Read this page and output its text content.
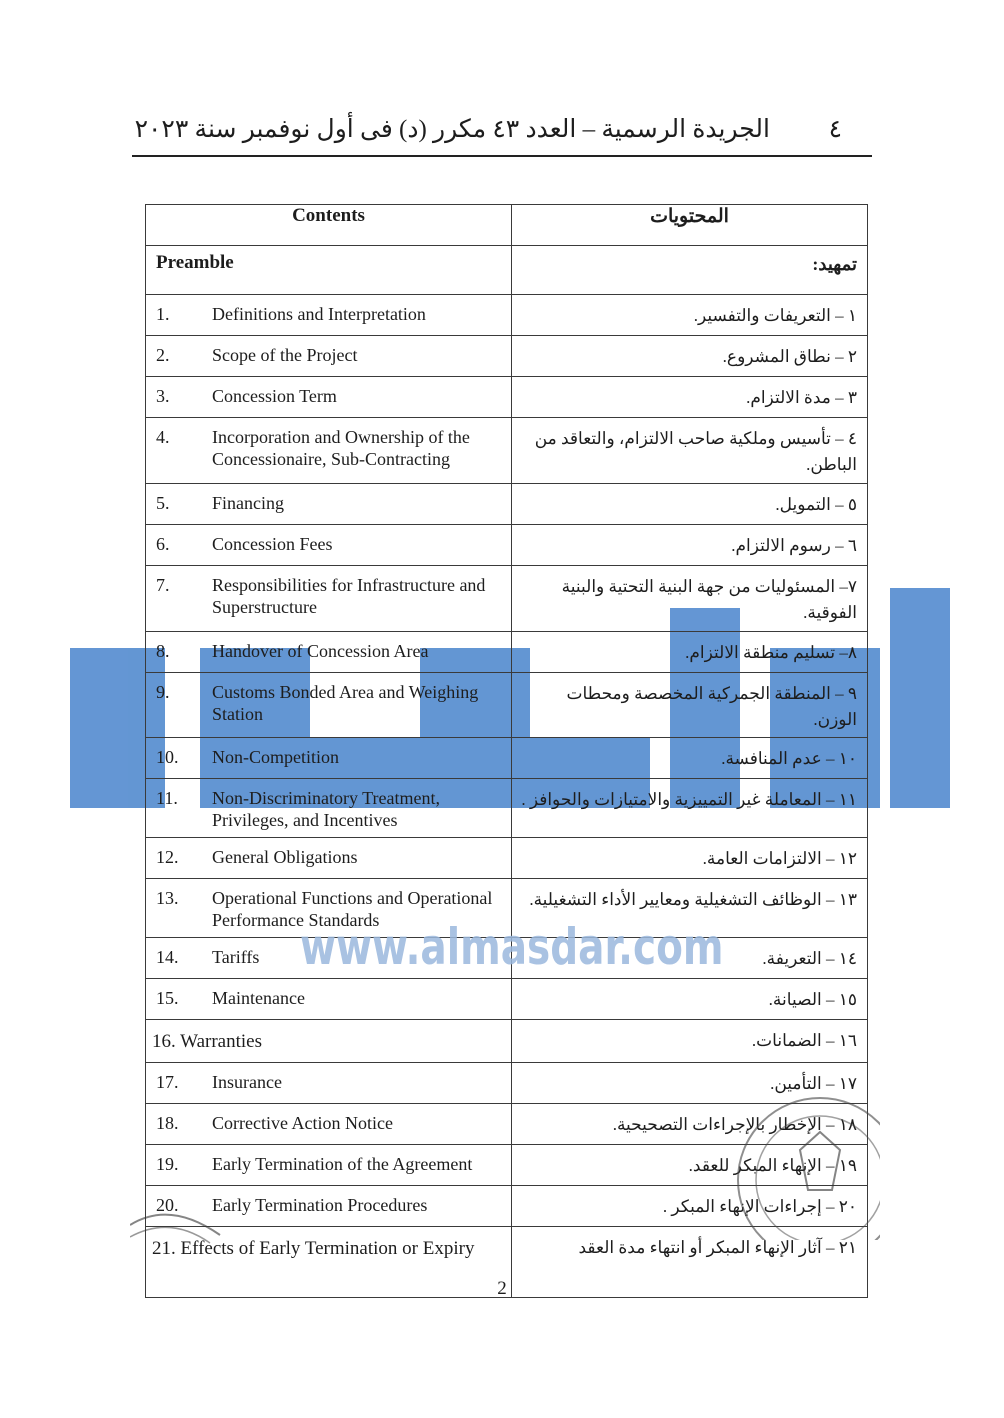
٤
الجريدة الرسمية – العدد ٤٣ مكرر (د) فى أول نوفمبر سنة ٢٠٢٣
Contents	المحتويات
Preamble	تمهيد:

1. Definitions and Interpretation	١ – التعريفات والتفسير.

2. Scope of the Project	٢ – نطاق المشروع.

3. Concession Term	٣ – مدة الالتزام.

4. Incorporation and Ownership of the Concessionaire, Sub-Contracting	٤ – تأسيس وملكية صاحب الالتزام، والتعاقد من الباطن.

5. Financing	٥ – التمويل.

6. Concession Fees	٦ – رسوم الالتزام.

7. Responsibilities for Infrastructure and Superstructure	٧– المسئوليات من جهة البنية التحتية والبنية الفوقية.

8. Handover of Concession Area	٨– تسليم منطقة الالتزام.

9. Customs Bonded Area and Weighing Station	٩ – المنطقة الجمركية المخصصة ومحطات الوزن.

10. Non-Competition	١٠ – عدم المنافسة.

11. Non-Discriminatory Treatment, Privileges, and Incentives	١١ – المعاملة غير التمييزية والامتيازات والحوافز .

12. General Obligations	١٢ – الالتزامات العامة.

13. Operational Functions and Operational Performance Standards	١٣ – الوظائف التشغيلية ومعايير الأداء التشغيلية.

14. Tariffs	١٤ – التعريفة.

15. Maintenance	١٥ – الصيانة.

16. Warranties	١٦ – الضمانات.

17. Insurance	١٧ – التأمين.

18. Corrective Action Notice	١٨ – الإخطار بالإجراءات التصحيحية.

19. Early Termination of the Agreement	١٩ – الإنهاء المبكر للعقد.

20. Early Termination Procedures	٢٠ – إجراءات الإنهاء المبكر .

21. Effects of Early Termination or Expiry	٢١ – آثار الإنهاء المبكر أو انتهاء مدة العقد
www.almasdar.com
2
